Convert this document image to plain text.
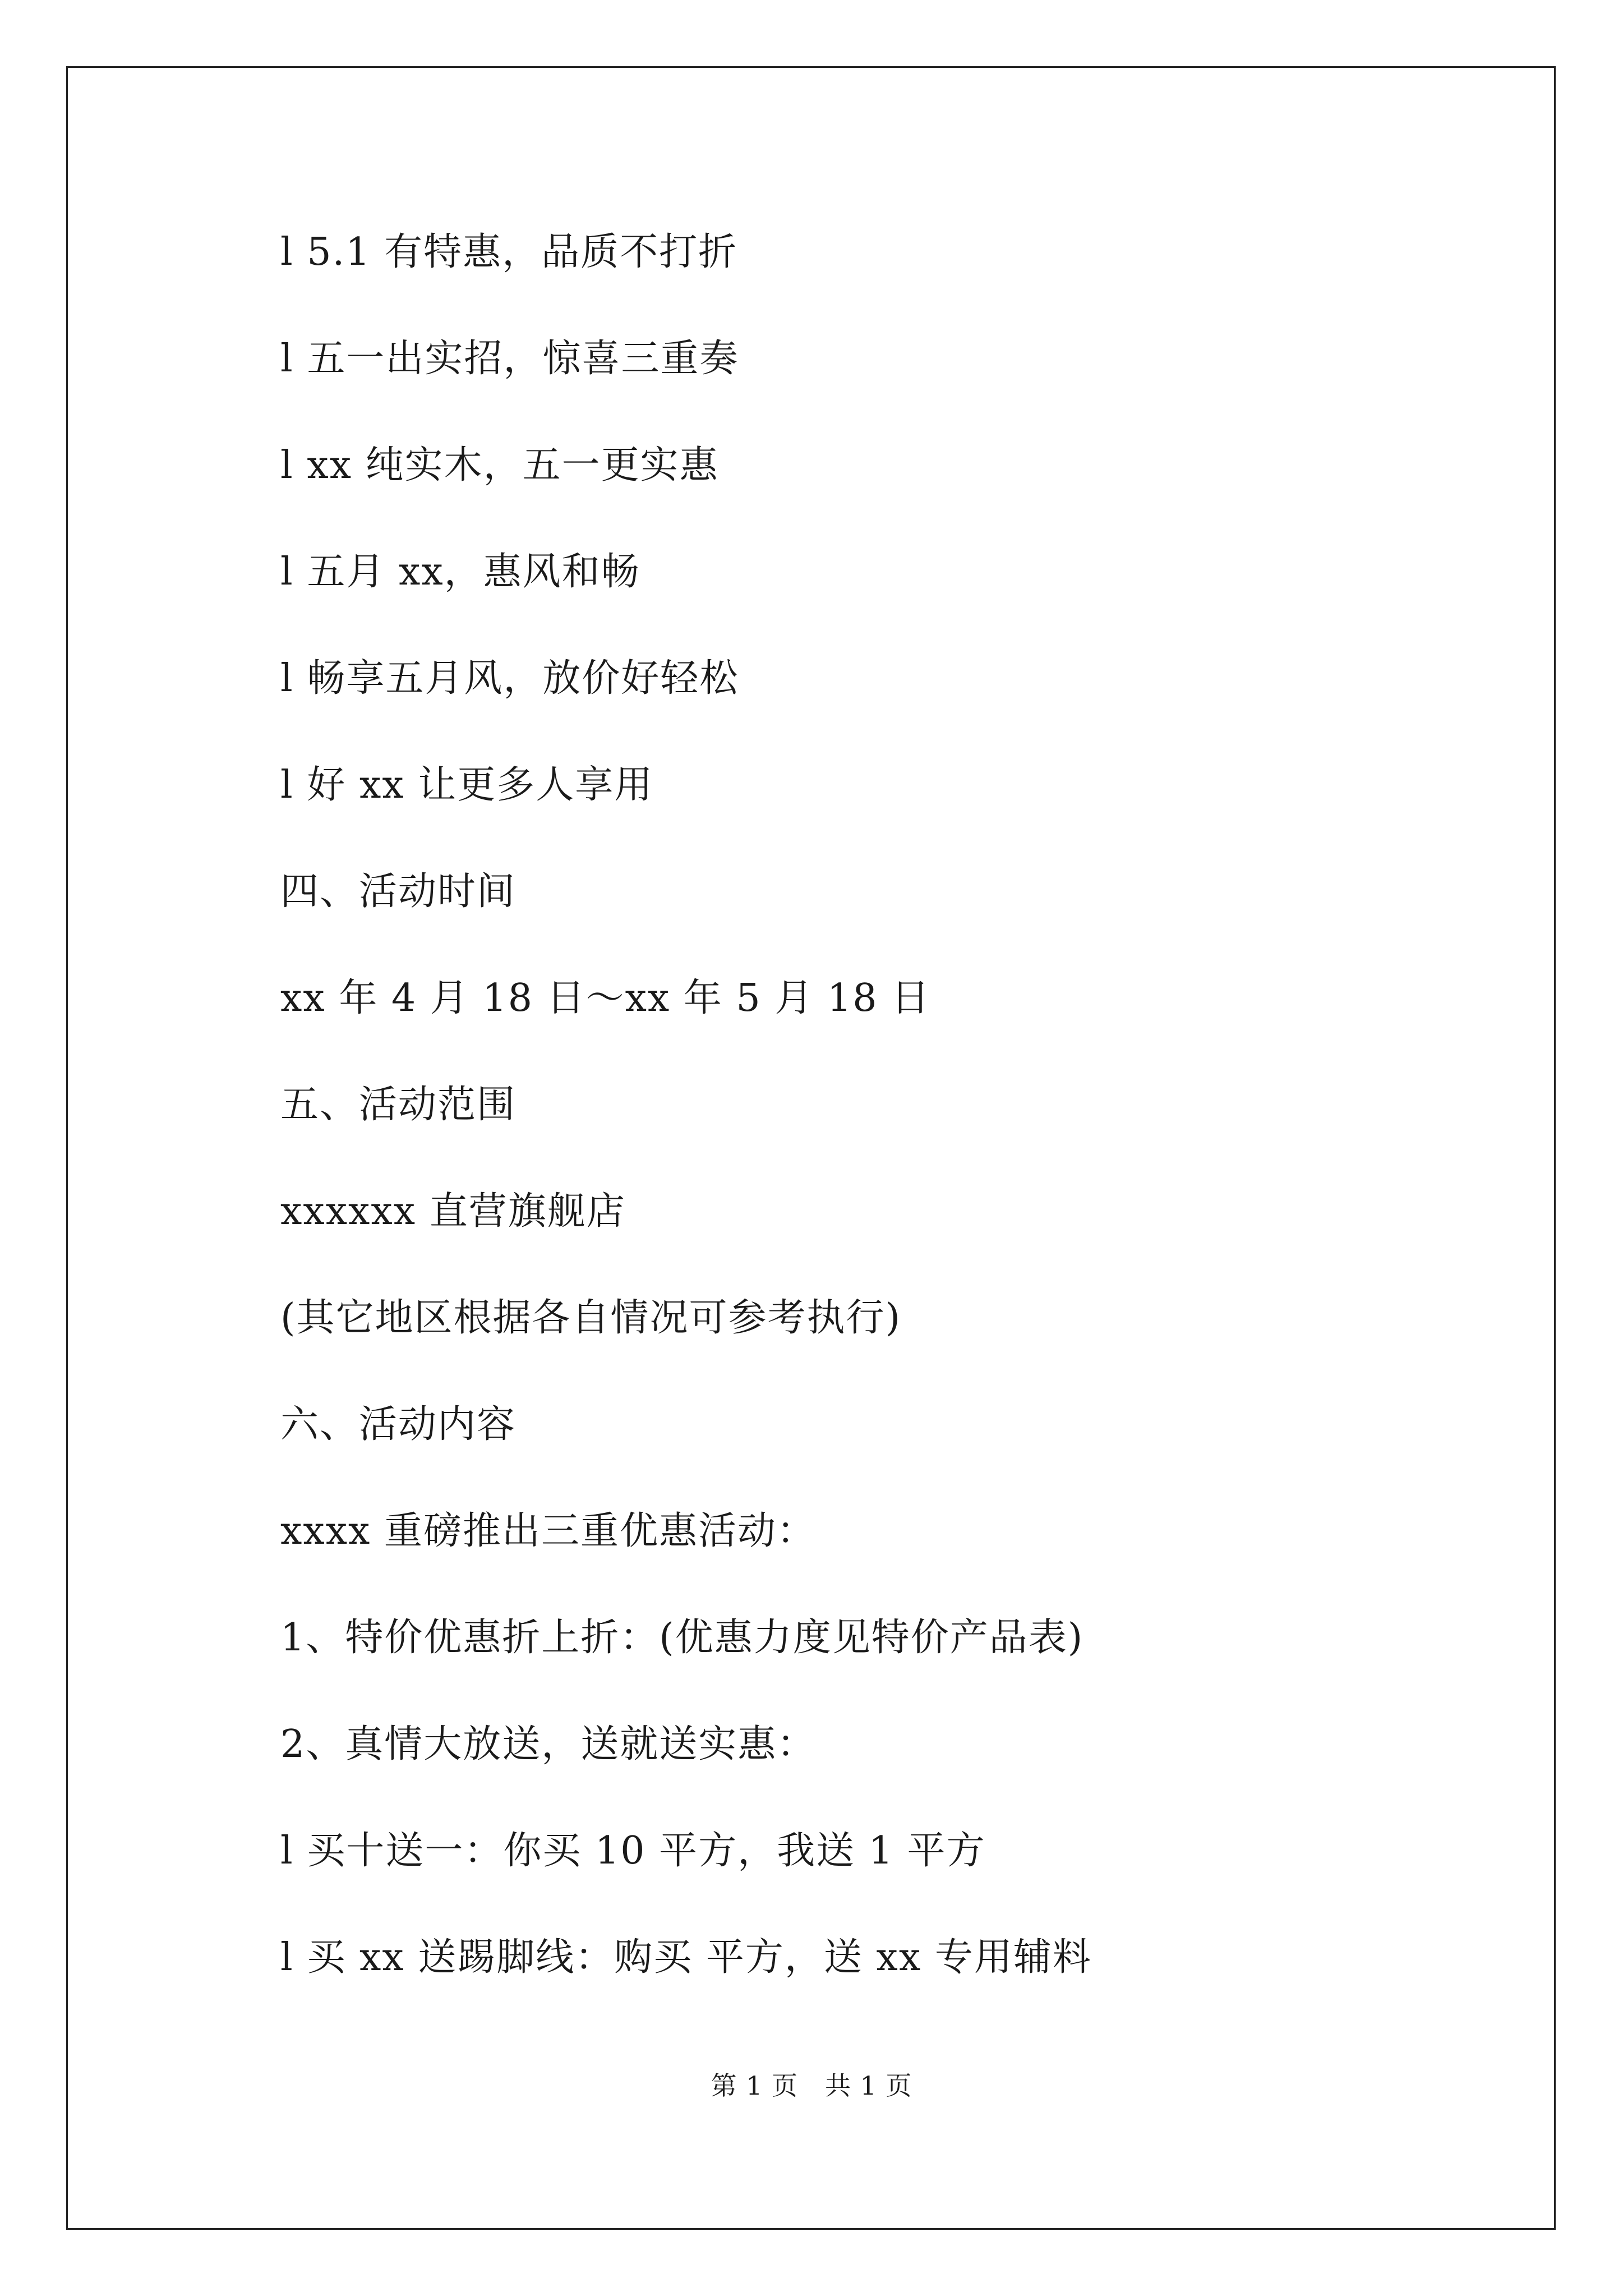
l 5.1 有特惠，品质不打折
l 五一出实招，惊喜三重奏
l xx 纯实木，五一更实惠
l 五月 xx，惠风和畅
l 畅享五月风，放价好轻松
l 好 xx 让更多人享用
四、活动时间
xx 年 4 月 18 日～xx 年 5 月 18 日
五、活动范围
xxxxxx 直营旗舰店
(其它地区根据各自情况可参考执行)
六、活动内容
xxxx 重磅推出三重优惠活动：
1、特价优惠折上折：(优惠力度见特价产品表)
2、真情大放送，送就送实惠：
l 买十送一：你买 10 平方，我送 1 平方
l 买 xx 送踢脚线：购买 平方，送 xx 专用辅料
第 1 页 共 1 页
